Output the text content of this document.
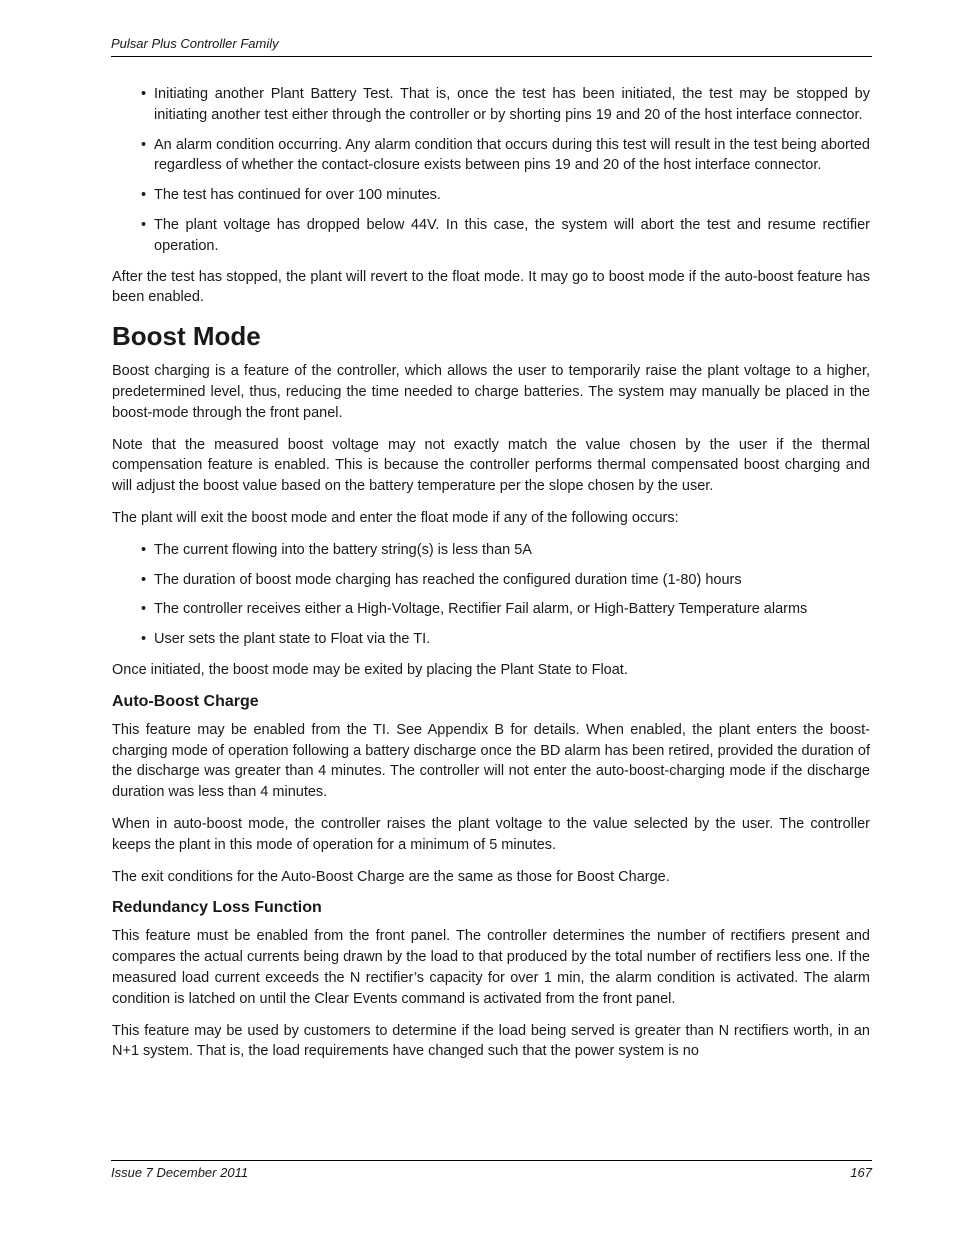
Pulsar Plus Controller Family
• Initiating another Plant Battery Test. That is, once the test has been initiated, the test may be stopped by initiating another test either through the controller or by shorting pins 19 and 20 of the host interface connector.
• An alarm condition occurring. Any alarm condition that occurs during this test will result in the test being aborted regardless of whether the contact-closure exists between pins 19 and 20 of the host interface connector.
• The test has continued for over 100 minutes.
• The plant voltage has dropped below 44V. In this case, the system will abort the test and resume rectifier operation.

After the test has stopped, the plant will revert to the float mode. It may go to boost mode if the auto-boost feature has been enabled.

Boost Mode

Boost charging is a feature of the controller, which allows the user to temporarily raise the plant voltage to a higher, predetermined level, thus, reducing the time needed to charge batteries. The system may manually be placed in the boost-mode through the front panel.

Note that the measured boost voltage may not exactly match the value chosen by the user if the thermal compensation feature is enabled. This is because the controller performs thermal compensated boost charging and will adjust the boost value based on the battery temperature per the slope chosen by the user.

The plant will exit the boost mode and enter the float mode if any of the following occurs:

• The current flowing into the battery string(s) is less than 5A
• The duration of boost mode charging has reached the configured duration time (1-80) hours
• The controller receives either a High-Voltage, Rectifier Fail alarm, or High-Battery Temperature alarms
• User sets the plant state to Float via the TI.

Once initiated, the boost mode may be exited by placing the Plant State to Float.

Auto-Boost Charge

This feature may be enabled from the TI. See Appendix B for details. When enabled, the plant enters the boost-charging mode of operation following a battery discharge once the BD alarm has been retired, provided the duration of the discharge was greater than 4 minutes. The controller will not enter the auto-boost-charging mode if the discharge duration was less than 4 minutes.

When in auto-boost mode, the controller raises the plant voltage to the value selected by the user. The controller keeps the plant in this mode of operation for a minimum of 5 minutes.

The exit conditions for the Auto-Boost Charge are the same as those for Boost Charge.

Redundancy Loss Function

This feature must be enabled from the front panel. The controller determines the number of rectifiers present and compares the actual currents being drawn by the load to that produced by the total number of rectifiers less one. If the measured load current exceeds the N rectifier’s capacity for over 1 min, the alarm condition is activated. The alarm condition is latched on until the Clear Events command is activated from the front panel.

This feature may be used by customers to determine if the load being served is greater than N rectifiers worth, in an N+1 system. That is, the load requirements have changed such that the power system is no

Issue 7 December 2011	167
